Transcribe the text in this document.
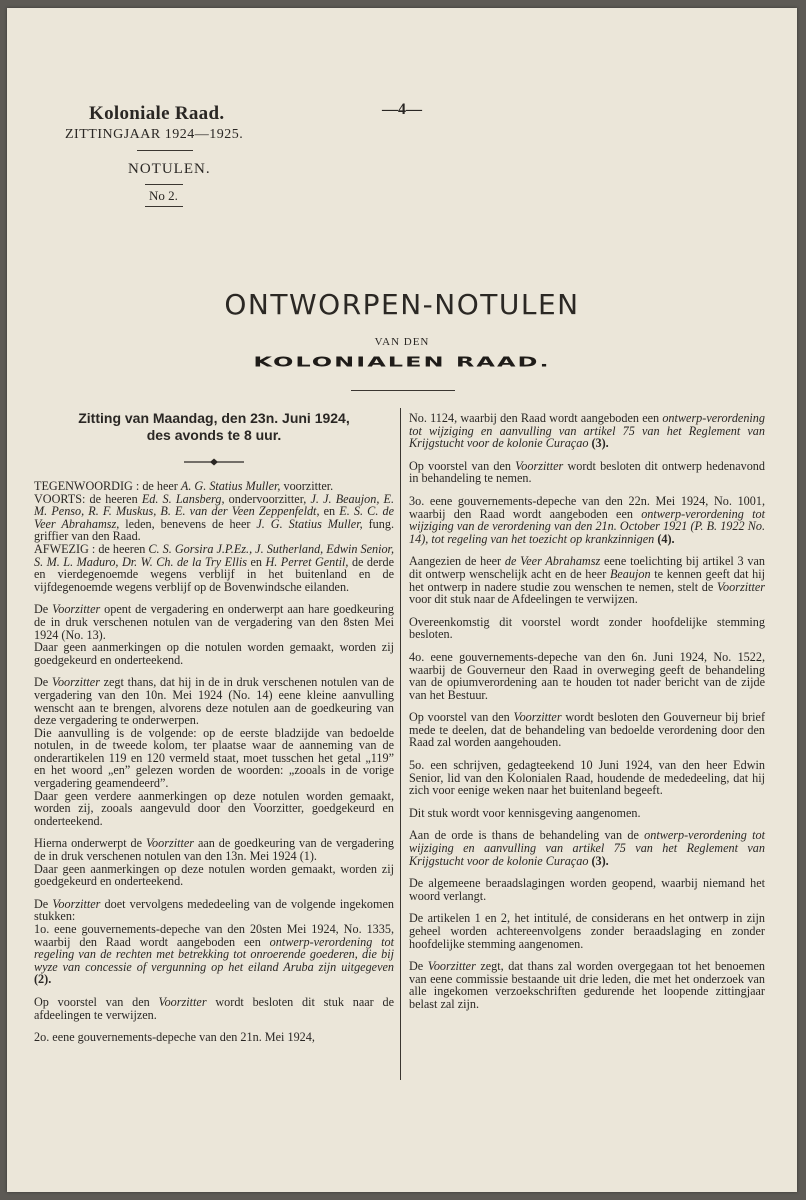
Koloniale Raad.
ZITTINGJAAR 1924—1925.
—4—
NOTULEN.
No 2.
ONTWORPEN-NOTULEN
VAN DEN
KOLONIALEN RAAD.

Zitting van Maandag, den 23n. Juni 1924,

des avonds te 8 uur.

TEGENWOORDIG : de heer A. G. Statius Muller, voorzitter.

VOORTS: de heeren Ed. S. Lansberg, ondervoorzitter, J. J. Beaujon, E. M. Penso, R. F. Muskus, B. E. van der Veen Zeppenfeldt, en E. S. C. de Veer Abrahamsz, leden, benevens de heer J. G. Statius Muller, fung. griffier van den Raad.

AFWEZIG : de heeren C. S. Gorsira J.P.Ez., J. Sutherland, Edwin Senior, S. M. L. Maduro, Dr. W. Ch. de la Try Ellis en H. Perret Gentil, de derde en vierdegenoemde wegens verblijf in het buitenland en de vijfdegenoemde wegens verblijf op de Bovenwindsche eilanden.

De Voorzitter opent de vergadering en onderwerpt aan hare goedkeuring de in druk verschenen notulen van de vergadering van den 8sten Mei 1924 (No. 13).

Daar geen aanmerkingen op die notulen worden gemaakt, worden zij goedgekeurd en onderteekend.

De Voorzitter zegt thans, dat hij in de in druk verschenen notulen van de vergadering van den 10n. Mei 1924 (No. 14) eene kleine aanvulling wenscht aan te brengen, alvorens deze notulen aan de goedkeuring van deze vergadering te onderwerpen.

Die aanvulling is de volgende: op de eerste bladzijde van bedoelde notulen, in de tweede kolom, ter plaatse waar de aanneming van de onderartikelen 119 en 120 vermeld staat, moet tusschen het getal „119” en het woord „en” gelezen worden de woorden: „zooals in de vorige vergadering geamendeerd”.

Daar geen verdere aanmerkingen op deze notulen worden gemaakt, worden zij, zooals aangevuld door den Voorzitter, goedgekeurd en onderteekend.

Hierna onderwerpt de Voorzitter aan de goedkeuring van de vergadering de in druk verschenen notulen van den 13n. Mei 1924 (1).

Daar geen aanmerkingen op deze notulen worden gemaakt, worden zij goedgekeurd en onderteekend.

De Voorzitter doet vervolgens mededeeling van de volgende ingekomen stukken:

1o. eene gouvernements-depeche van den 20sten Mei 1924, No. 1335, waarbij den Raad wordt aangeboden een ontwerp-verordening tot regeling van de rechten met betrekking tot onroerende goederen, die bij wyze van concessie of vergunning op het eiland Aruba zijn uitgegeven (2).

Op voorstel van den Voorzitter wordt besloten dit stuk naar de afdeelingen te verwijzen.

2o. eene gouvernements-depeche van den 21n. Mei 1924,

No. 1124, waarbij den Raad wordt aangeboden een ontwerp-verordening tot wijziging en aanvulling van artikel 75 van het Reglement van Krijgstucht voor de kolonie Curaçao (3).

Op voorstel van den Voorzitter wordt besloten dit ontwerp hedenavond in behandeling te nemen.

3o. eene gouvernements-depeche van den 22n. Mei 1924, No. 1001, waarbij den Raad wordt aangeboden een ontwerp-verordening tot wijziging van de verordening van den 21n. October 1921 (P. B. 1922 No. 14), tot regeling van het toezicht op krankzinnigen (4).

Aangezien de heer de Veer Abrahamsz eene toelichting bij artikel 3 van dit ontwerp wenschelijk acht en de heer Beaujon te kennen geeft dat hij het ontwerp in nadere studie zou wenschen te nemen, stelt de Voorzitter voor dit stuk naar de Afdeelingen te verwijzen.

Overeenkomstig dit voorstel wordt zonder hoofdelijke stemming besloten.

4o. eene gouvernements-depeche van den 6n. Juni 1924, No. 1522, waarbij de Gouverneur den Raad in overweging geeft de behandeling van de opiumverordening aan te houden tot nader bericht van de zijde van het Bestuur.

Op voorstel van den Voorzitter wordt besloten den Gouverneur bij brief mede te deelen, dat de behandeling van bedoelde verordening door den Raad zal worden aangehouden.

5o. een schrijven, gedagteekend 10 Juni 1924, van den heer Edwin Senior, lid van den Kolonialen Raad, houdende de mededeeling, dat hij zich voor eenige weken naar het buitenland begeeft.

Dit stuk wordt voor kennisgeving aangenomen.

Aan de orde is thans de behandeling van de ontwerp-verordening tot wijziging en aanvulling van artikel 75 van het Reglement van Krijgstucht voor de kolonie Curaçao (3).

De algemeene beraadslagingen worden geopend, waarbij niemand het woord verlangt.

De artikelen 1 en 2, het intitulé, de considerans en het ontwerp in zijn geheel worden achtereenvolgens zonder beraadslaging en zonder hoofdelijke stemming aangenomen.

De Voorzitter zegt, dat thans zal worden overgegaan tot het benoemen van eene commissie bestaande uit drie leden, die met het onderzoek van alle ingekomen verzoekschriften gedurende het loopende zittingjaar belast zal zijn.
